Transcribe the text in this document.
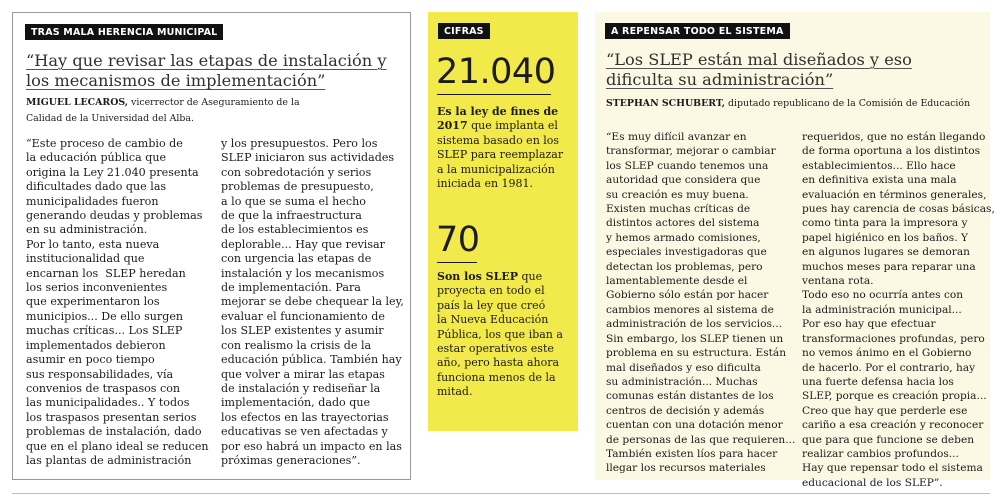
TRAS MALA HERENCIA MUNICIPAL
“Hay que revisar las etapas de instalación y
los mecanismos de implementación”
MIGUEL LECAROS, vicerrector de Aseguramiento de la
Calidad de la Universidad del Alba.
“Este proceso de cambio de
la educación pública que
origina la Ley 21.040 presenta
dificultades dado que las
municipalidades fueron
generando deudas y problemas
en su administración.
Por lo tanto, esta nueva
institucionalidad que
encarnan los  SLEP heredan
los serios inconvenientes
que experimentaron los
municipios... De ello surgen
muchas críticas... Los SLEP
implementados debieron
asumir en poco tiempo
sus responsabilidades, vía
convenios de traspasos con
las municipalidades.. Y todos
los traspasos presentan serios
problemas de instalación, dado
que en el plano ideal se reducen
las plantas de administración
y los presupuestos. Pero los
SLEP iniciaron sus actividades
con sobredotación y serios
problemas de presupuesto,
a lo que se suma el hecho
de que la infraestructura
de los establecimientos es
deplorable... Hay que revisar
con urgencia las etapas de
instalación y los mecanismos
de implementación. Para
mejorar se debe chequear la ley,
evaluar el funcionamiento de
los SLEP existentes y asumir
con realismo la crisis de la
educación pública. También hay
que volver a mirar las etapas
de instalación y rediseñar la
implementación, dado que
los efectos en las trayectorias
educativas se ven afectadas y
por eso habrá un impacto en las
próximas generaciones”.
CIFRAS
21.040
Es la ley de fines de
2017 que implanta el
sistema basado en los
SLEP para reemplazar
a la municipalización
iniciada en 1981.
70
Son los SLEP que
proyecta en todo el
país la ley que creó
la Nueva Educación
Pública, los que iban a
estar operativos este
año, pero hasta ahora
funciona menos de la
mitad.
A REPENSAR TODO EL SISTEMA
“Los SLEP están mal diseñados y eso
dificulta su administración”
STEPHAN SCHUBERT, diputado republicano de la Comisión de Educación
“Es muy difícil avanzar en
transformar, mejorar o cambiar
los SLEP cuando tenemos una
autoridad que considera que
su creación es muy buena.
Existen muchas críticas de
distintos actores del sistema
y hemos armado comisiones,
especiales investigadoras que
detectan los problemas, pero
lamentablemente desde el
Gobierno sólo están por hacer
cambios menores al sistema de
administración de los servicios...
Sin embargo, los SLEP tienen un
problema en su estructura. Están
mal diseñados y eso dificulta
su administración... Muchas
comunas están distantes de los
centros de decisión y además
cuentan con una dotación menor
de personas de las que requieren...
También existen líos para hacer
llegar los recursos materiales
requeridos, que no están llegando
de forma oportuna a los distintos
establecimientos... Ello hace
en definitiva exista una mala
evaluación en términos generales,
pues hay carencia de cosas básicas,
como tinta para la impresora y
papel higiénico en los baños. Y
en algunos lugares se demoran
muchos meses para reparar una
ventana rota.
Todo eso no ocurría antes con
la administración municipal...
Por eso hay que efectuar
transformaciones profundas, pero
no vemos ánimo en el Gobierno
de hacerlo. Por el contrario, hay
una fuerte defensa hacia los
SLEP, porque es creación propia...
Creo que hay que perderle ese
cariño a esa creación y reconocer
que para que funcione se deben
realizar cambios profundos...
Hay que repensar todo el sistema
educacional de los SLEP”.
